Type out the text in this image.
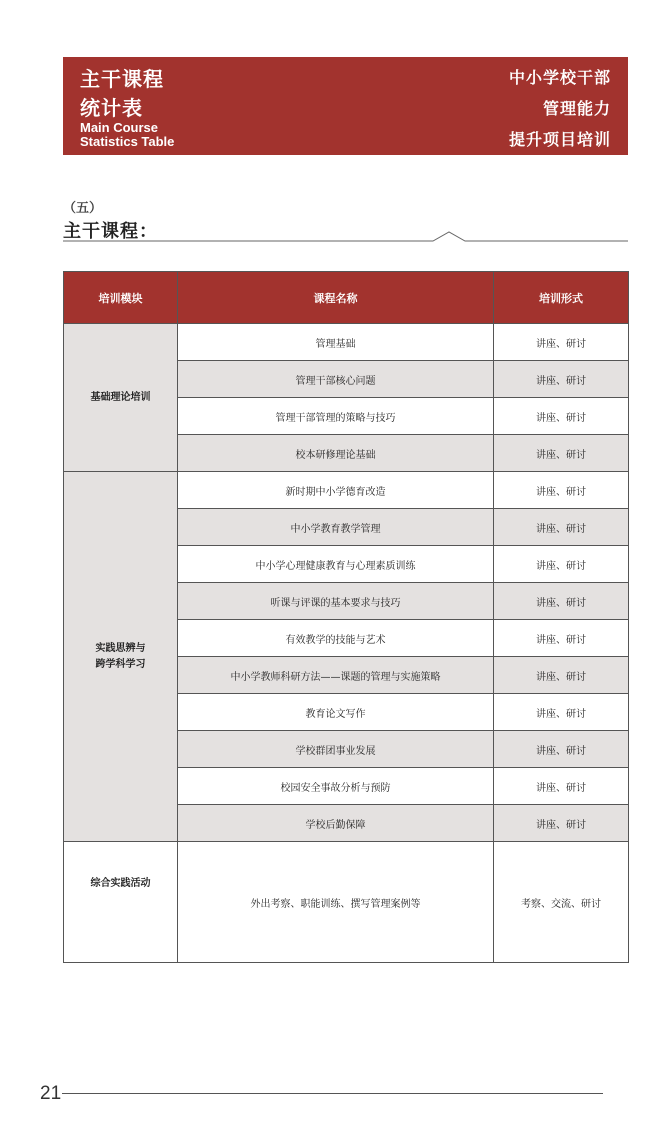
主干课程
统计表
Main Course
Statistics Table
中小学校干部
管理能力
提升项目培训
（五）
主干课程：
培训模块	课程名称	培训形式
基础理论培训	管理基础	讲座、研讨
	管理干部核心问题	讲座、研讨
	管理干部管理的策略与技巧	讲座、研讨
	校本研修理论基础	讲座、研讨

实践思辨与
跨学科学习	新时期中小学德育改造	讲座、研讨
	中小学教育教学管理	讲座、研讨
	中小学心理健康教育与心理素质训练	讲座、研讨
	听课与评课的基本要求与技巧	讲座、研讨
	有效教学的技能与艺术	讲座、研讨
	中小学教师科研方法——课题的管理与实施策略	讲座、研讨
	教育论文写作	讲座、研讨
	学校群团事业发展	讲座、研讨
	校园安全事故分析与预防	讲座、研讨
	学校后勤保障	讲座、研讨
综合实践活动	外出考察、职能训练、撰写管理案例等	考察、交流、研讨
21
